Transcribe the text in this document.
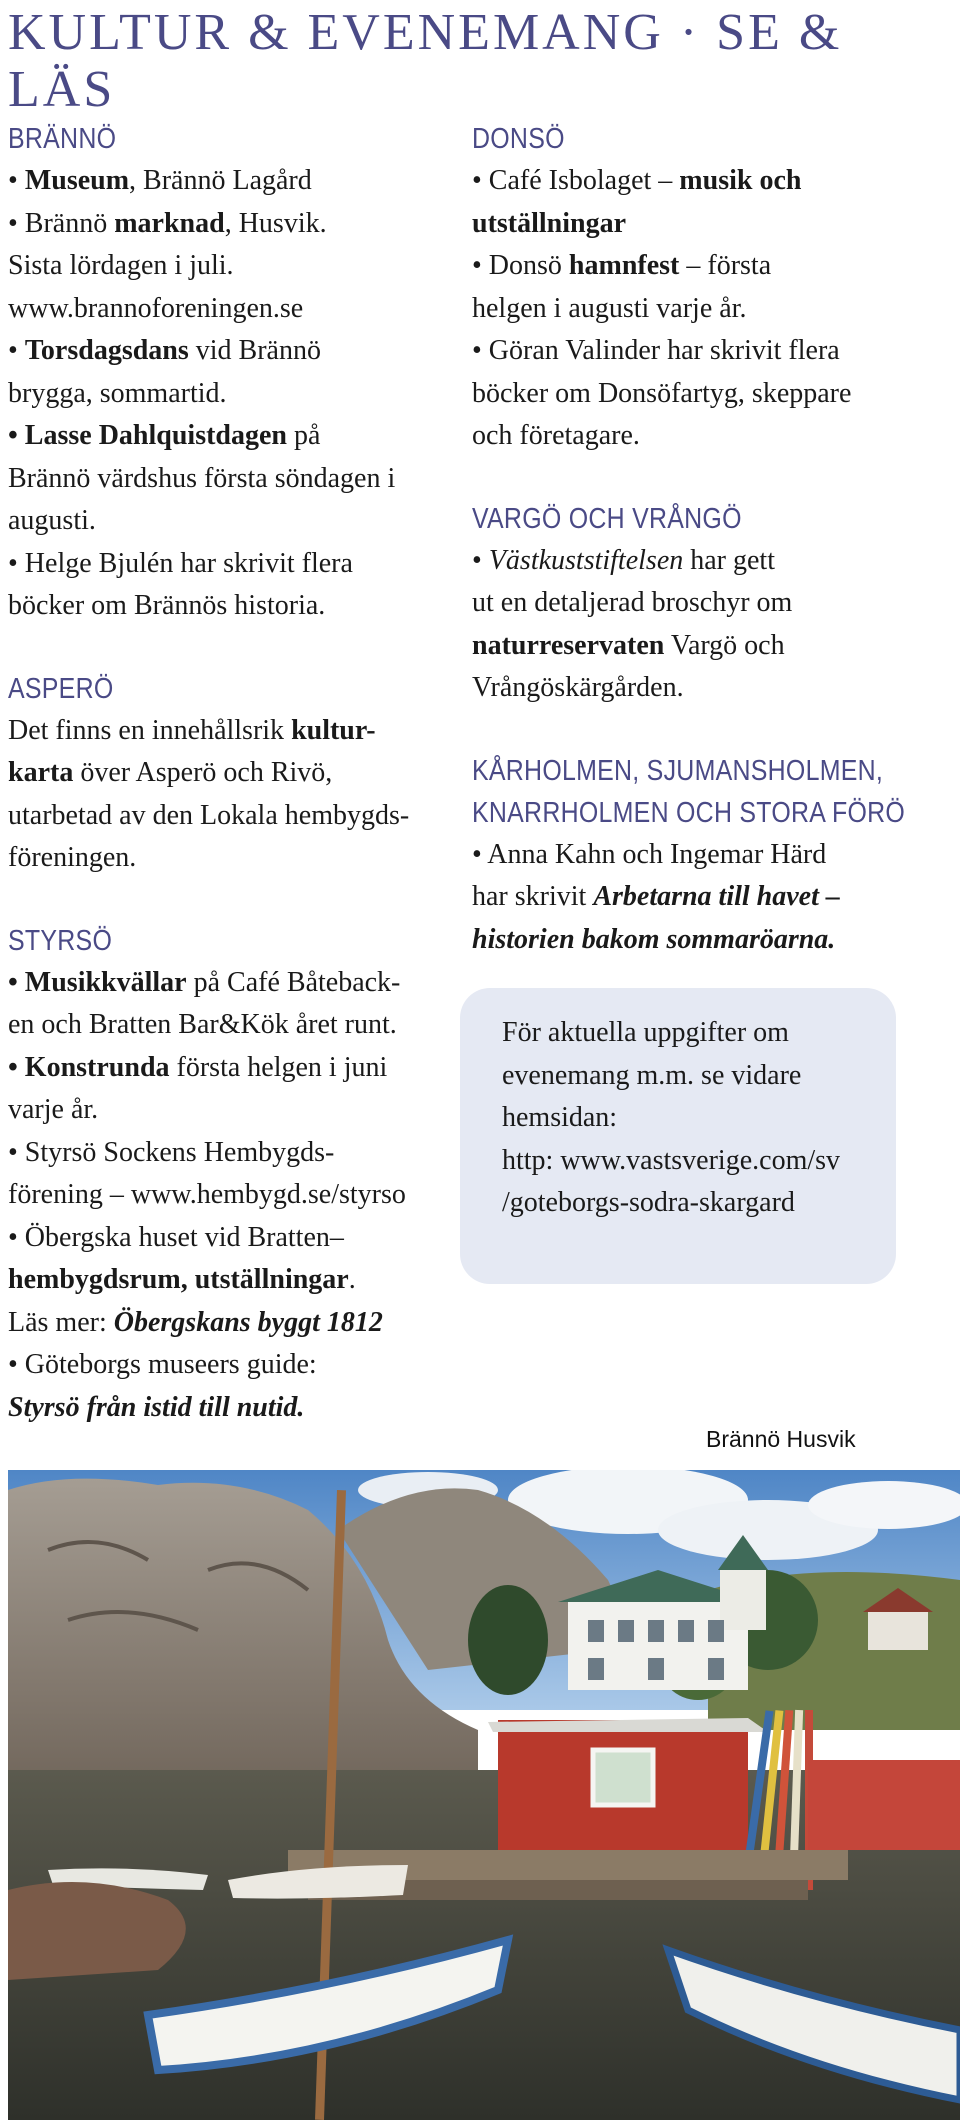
KULTUR & EVENEMANG · SE & LÄS
BRÄNNÖ

• Museum, Brännö Lagård
• Brännö marknad, Husvik.
Sista lördagen i juli.
www.brannoforeningen.se
• Torsdagsdans vid Brännö
brygga, sommartid.
• Lasse Dahlquistdagen på
Brännö värdshus första söndagen i
augusti.
• Helge Bjulén har skrivit flera
böcker om Brännös historia.

ASPERÖ

Det finns en innehållsrik kultur-
karta över Asperö och Rivö,
utarbetad av den Lokala hembygds-
föreningen.

STYRSÖ

• Musikkvällar på Café Båteback-
en och Bratten Bar&Kök året runt.
• Konstrunda första helgen i juni
varje år.
• Styrsö Sockens Hembygds-
förening – www.hembygd.se/styrso
• Öbergska huset vid Bratten–
hembygdsrum, utställningar.
Läs mer: Öbergskans byggt 1812
• Göteborgs museers guide:
Styrsö från istid till nutid.

DONSÖ

• Café Isbolaget – musik och
utställningar
• Donsö hamnfest – första
helgen i augusti varje år.
• Göran Valinder har skrivit flera
böcker om Donsöfartyg, skeppare
och företagare.

VARGÖ OCH VRÅNGÖ

• Västkuststiftelsen har gett
ut en detaljerad broschyr om
naturreservaten Vargö och
Vrångöskärgården.

KÅRHOLMEN, SJUMANSHOLMEN,
KNARRHOLMEN OCH STORA FÖRÖ

• Anna Kahn och Ingemar Härd
har skrivit Arbetarna till havet –
historien bakom sommaröarna.

För aktuella uppgifter om
evenemang m.m. se vidare
hemsidan:
http: www.vastsverige.com/sv
/goteborgs-sodra-skargard

Brännö Husvik
